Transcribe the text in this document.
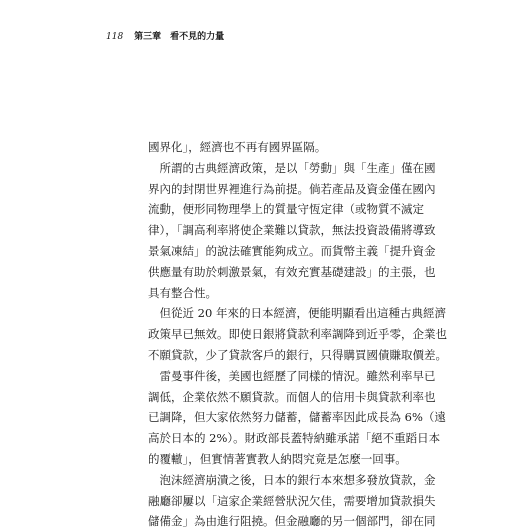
118 第三章　看不見的力量
國界化」，經濟也不再有國界區隔。
　所謂的古典經濟政策，是以「勞動」與「生產」僅在國
界內的封閉世界裡進行為前提。倘若產品及資金僅在國內
流動，便形同物理學上的質量守恆定律（或物質不滅定
律），「調高利率將使企業難以貸款，無法投資設備將導致
景氣凍結」的說法確實能夠成立。而貨幣主義「提升資金
供應量有助於刺激景氣，有效充實基礎建設」的主張，也
具有整合性。
　但從近 20 年來的日本經濟，便能明顯看出這種古典經濟
政策早已無效。即使日銀將貸款利率調降到近乎零，企業也
不願貸款，少了貸款客戶的銀行，只得購買國債賺取價差。
　雷曼事件後，美國也經歷了同樣的情況。雖然利率早已
調低，企業依然不願貸款。而個人的信用卡與貸款利率也
已調降，但大家依然努力儲蓄，儲蓄率因此成長為 6%（遠
高於日本的 2%）。財政部長蓋特納雖承諾「絕不重蹈日本
的覆轍」，但實情著實教人納悶究竟是怎麼一回事。
　泡沫經濟崩潰之後，日本的銀行本來想多發放貸款，金
融廳卻屢以「這家企業經營狀況欠佳，需要增加貸款損失
儲備金」為由進行阻撓。但金融廳的另一個部門，卻在同
